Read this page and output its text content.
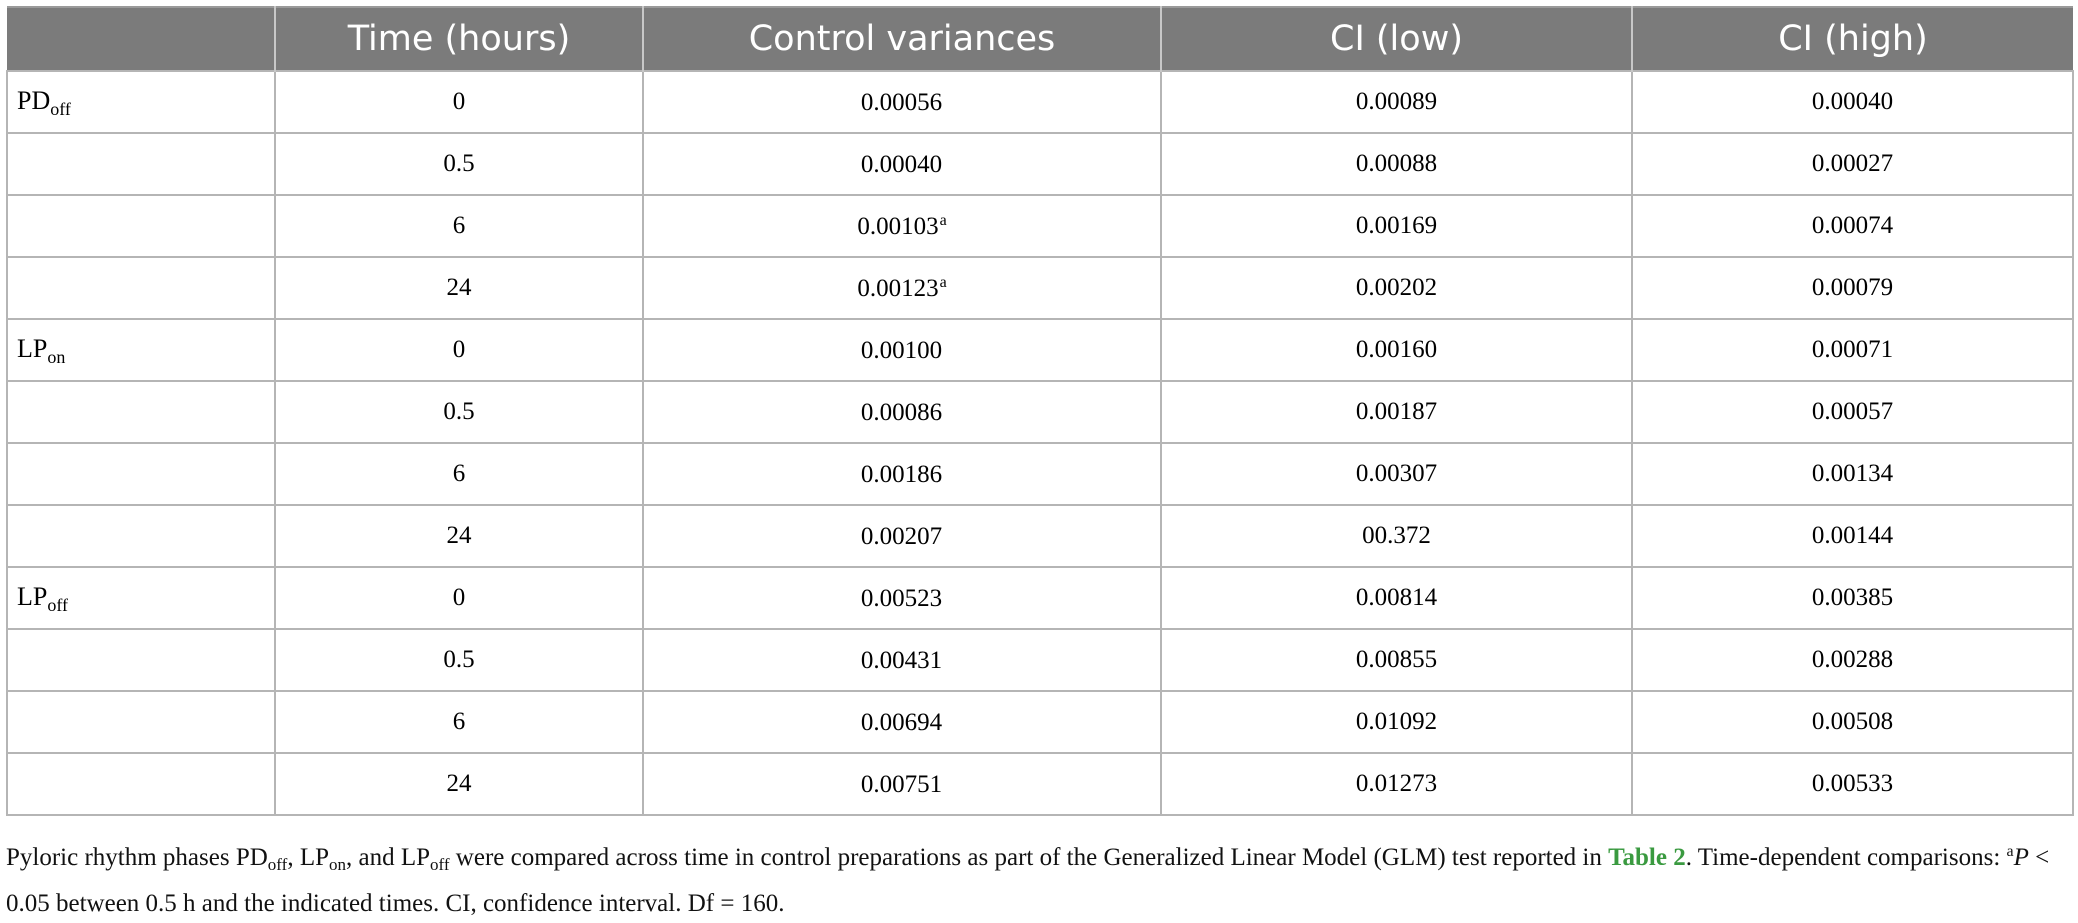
	Time (hours)	Control variances	CI (low)	CI (high)
$PD_{off}$	0	0.00056	0.00089	0.00040
	0.5	0.00040	0.00088	0.00027
	6	0.00103$^a$	0.00169	0.00074
	24	0.00123$^a$	0.00202	0.00079
$LP_{on}$	0	0.00100	0.00160	0.00071
	0.5	0.00086	0.00187	0.00057
	6	0.00186	0.00307	0.00134
	24	0.00207	00.372	0.00144
$LP_{off}$	0	0.00523	0.00814	0.00385
	0.5	0.00431	0.00855	0.00288
	6	0.00694	0.01092	0.00508
	24	0.00751	0.01273	0.00533
Pyloric rhythm phases $PD_{off}$, $LP_{on}$, and $LP_{off}$ were compared across time in control preparations as part of the Generalized Linear Model (GLM) test reported in Table 2. Time-dependent comparisons: $^a$P < 0.05 between 0.5 h and the indicated times. CI, confidence interval. Df = 160.
